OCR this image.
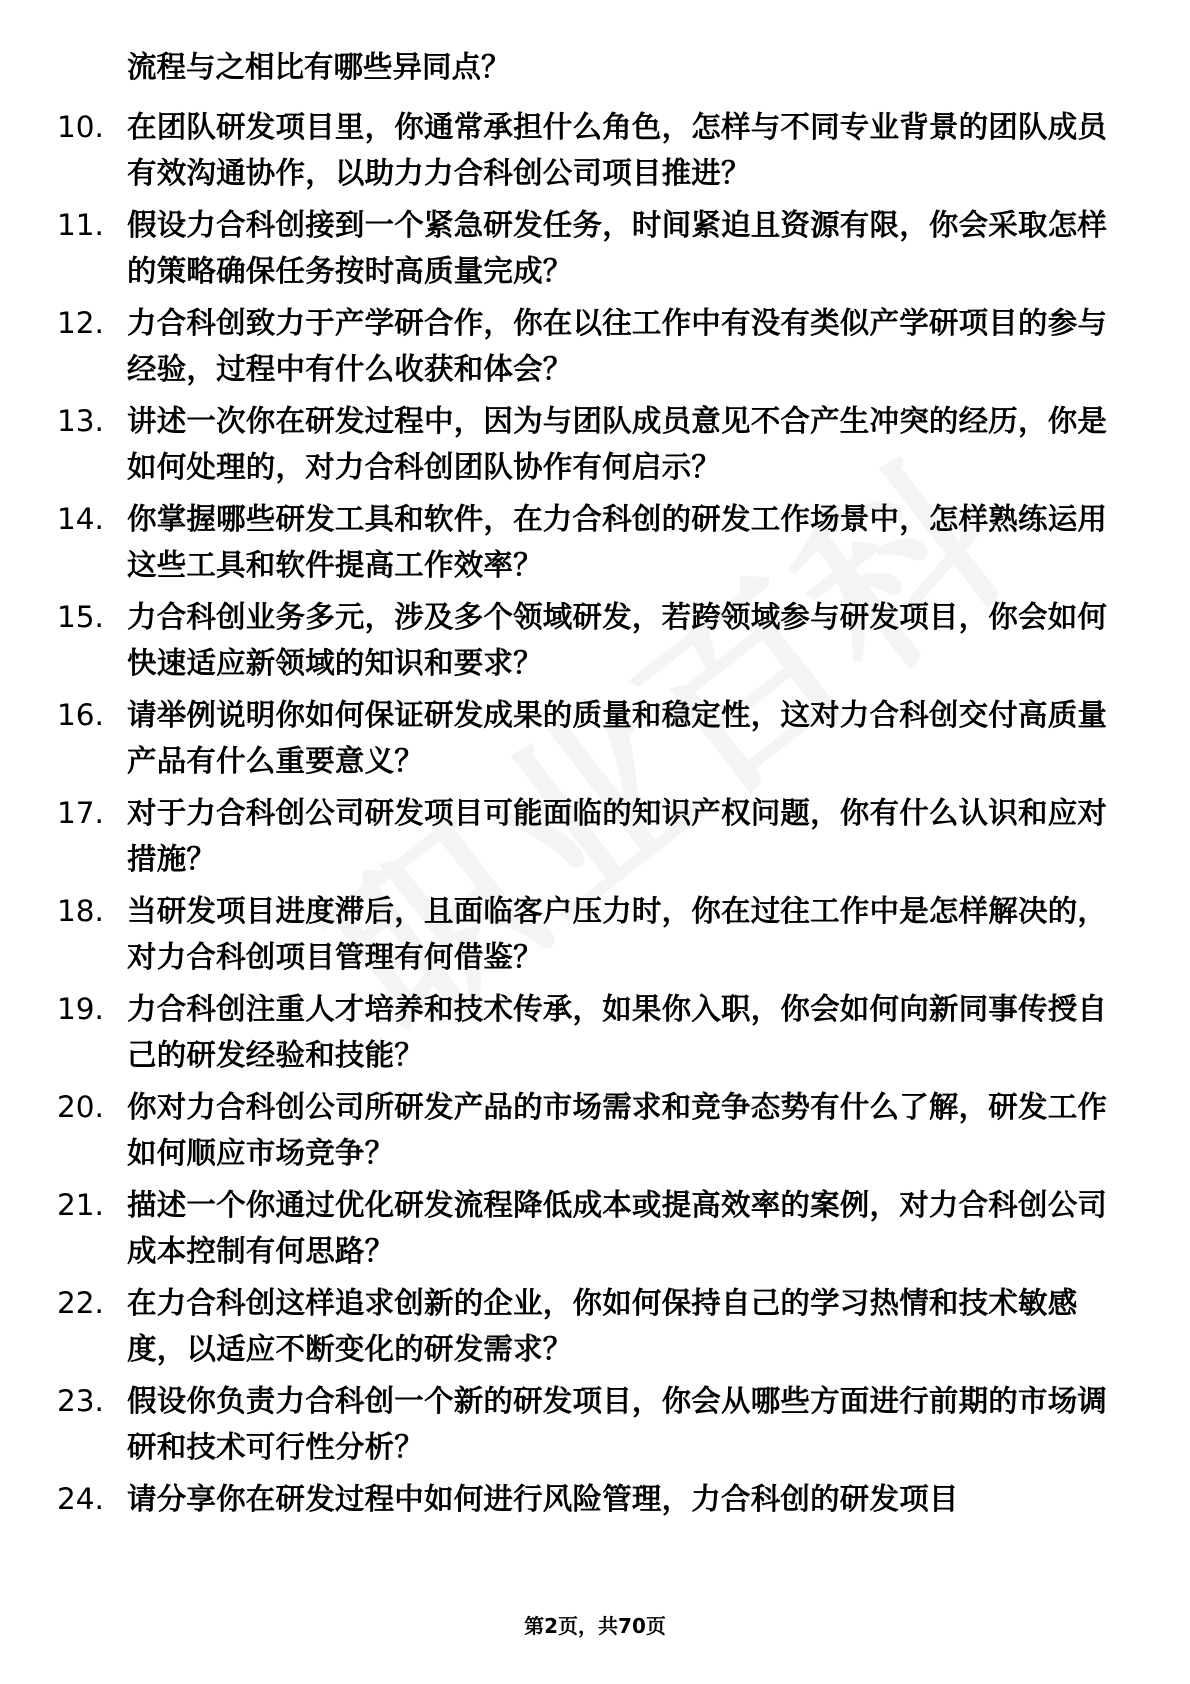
流程与之相比有哪些异同点？
10. 在团队研发项目里，你通常承担什么角色，怎样与不同专业背景的团队成员有效沟通协作，以助力力合科创公司项目推进？
11. 假设力合科创接到一个紧急研发任务，时间紧迫且资源有限，你会采取怎样的策略确保任务按时高质量完成？
12. 力合科创致力于产学研合作，你在以往工作中有没有类似产学研项目的参与经验，过程中有什么收获和体会？
13. 讲述一次你在研发过程中，因为与团队成员意见不合产生冲突的经历，你是如何处理的，对力合科创团队协作有何启示？
14. 你掌握哪些研发工具和软件，在力合科创的研发工作场景中，怎样熟练运用这些工具和软件提高工作效率？
15. 力合科创业务多元，涉及多个领域研发，若跨领域参与研发项目，你会如何快速适应新领域的知识和要求？
16. 请举例说明你如何保证研发成果的质量和稳定性，这对力合科创交付高质量产品有什么重要意义？
17. 对于力合科创公司研发项目可能面临的知识产权问题，你有什么认识和应对措施？
18. 当研发项目进度滞后，且面临客户压力时，你在过往工作中是怎样解决的，对力合科创项目管理有何借鉴？
19. 力合科创注重人才培养和技术传承，如果你入职，你会如何向新同事传授自己的研发经验和技能？
20. 你对力合科创公司所研发产品的市场需求和竞争态势有什么了解，研发工作如何顺应市场竞争？
21. 描述一个你通过优化研发流程降低成本或提高效率的案例，对力合科创公司成本控制有何思路？
22. 在力合科创这样追求创新的企业，你如何保持自己的学习热情和技术敏感度，以适应不断变化的研发需求？
23. 假设你负责力合科创一个新的研发项目，你会从哪些方面进行前期的市场调研和技术可行性分析？
24. 请分享你在研发过程中如何进行风险管理，力合科创的研发项目
第2页，共70页
